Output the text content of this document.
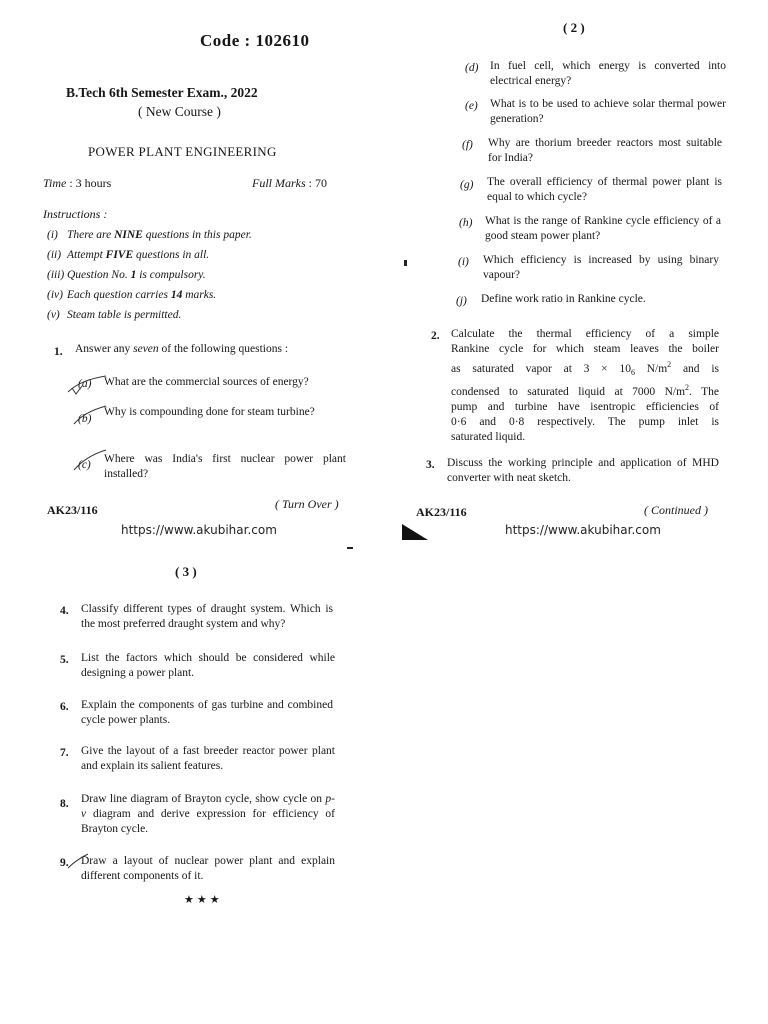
Code : 102610
( 2 )
B.Tech 6th Semester Exam., 2022
( New Course )
POWER PLANT ENGINEERING
Time : 3 hours	Full Marks : 70
Instructions :
(i) There are NINE questions in this paper.
(ii) Attempt FIVE questions in all.
(iii) Question No. 1 is compulsory.
(iv) Each question carries 14 marks.
(v) Steam table is permitted.
1. Answer any seven of the following questions :
(a) What are the commercial sources of energy?
(b)
Why is compounding done for steam turbine?
(c) Where was India's first nuclear power plant installed?
AK23/116	( Turn Over )
https://www.akubihar.com
(d) In fuel cell, which energy is converted into electrical energy?
(e) What is to be used to achieve solar thermal power generation?
(f) Why are thorium breeder reactors most suitable for India?
(g) The overall efficiency of thermal power plant is equal to which cycle?
(h) What is the range of Rankine cycle efficiency of a good steam power plant?
(i) Which efficiency is increased by using binary vapour?
(j) Define work ratio in Rankine cycle.
2. Calculate the thermal efficiency of a simple
Rankine cycle for which steam leaves the boiler
as saturated vapor at $3 \times 10_6$ $N/m^2$ and is
condensed to saturated liquid at 7000 $N/m^2$. The
pump and turbine have isentropic efficiencies of
0·6 and 0·8 respectively. The pump inlet is
saturated liquid.
3. Discuss the working principle and application of MHD converter with neat sketch.
AK23/116	( Continued )
https://www.akubihar.com
( 3 )
4. Classify different types of draught system. Which is the most preferred draught system and why?
5. List the factors which should be considered while designing a power plant.
6. Explain the components of gas turbine and combined cycle power plants.
7. Give the layout of a fast breeder reactor power plant and explain its salient features.
8. Draw line diagram of Brayton cycle, show cycle on p-v diagram and derive expression for efficiency of Brayton cycle.
9. Draw a layout of nuclear power plant and explain different components of it.
★★★
